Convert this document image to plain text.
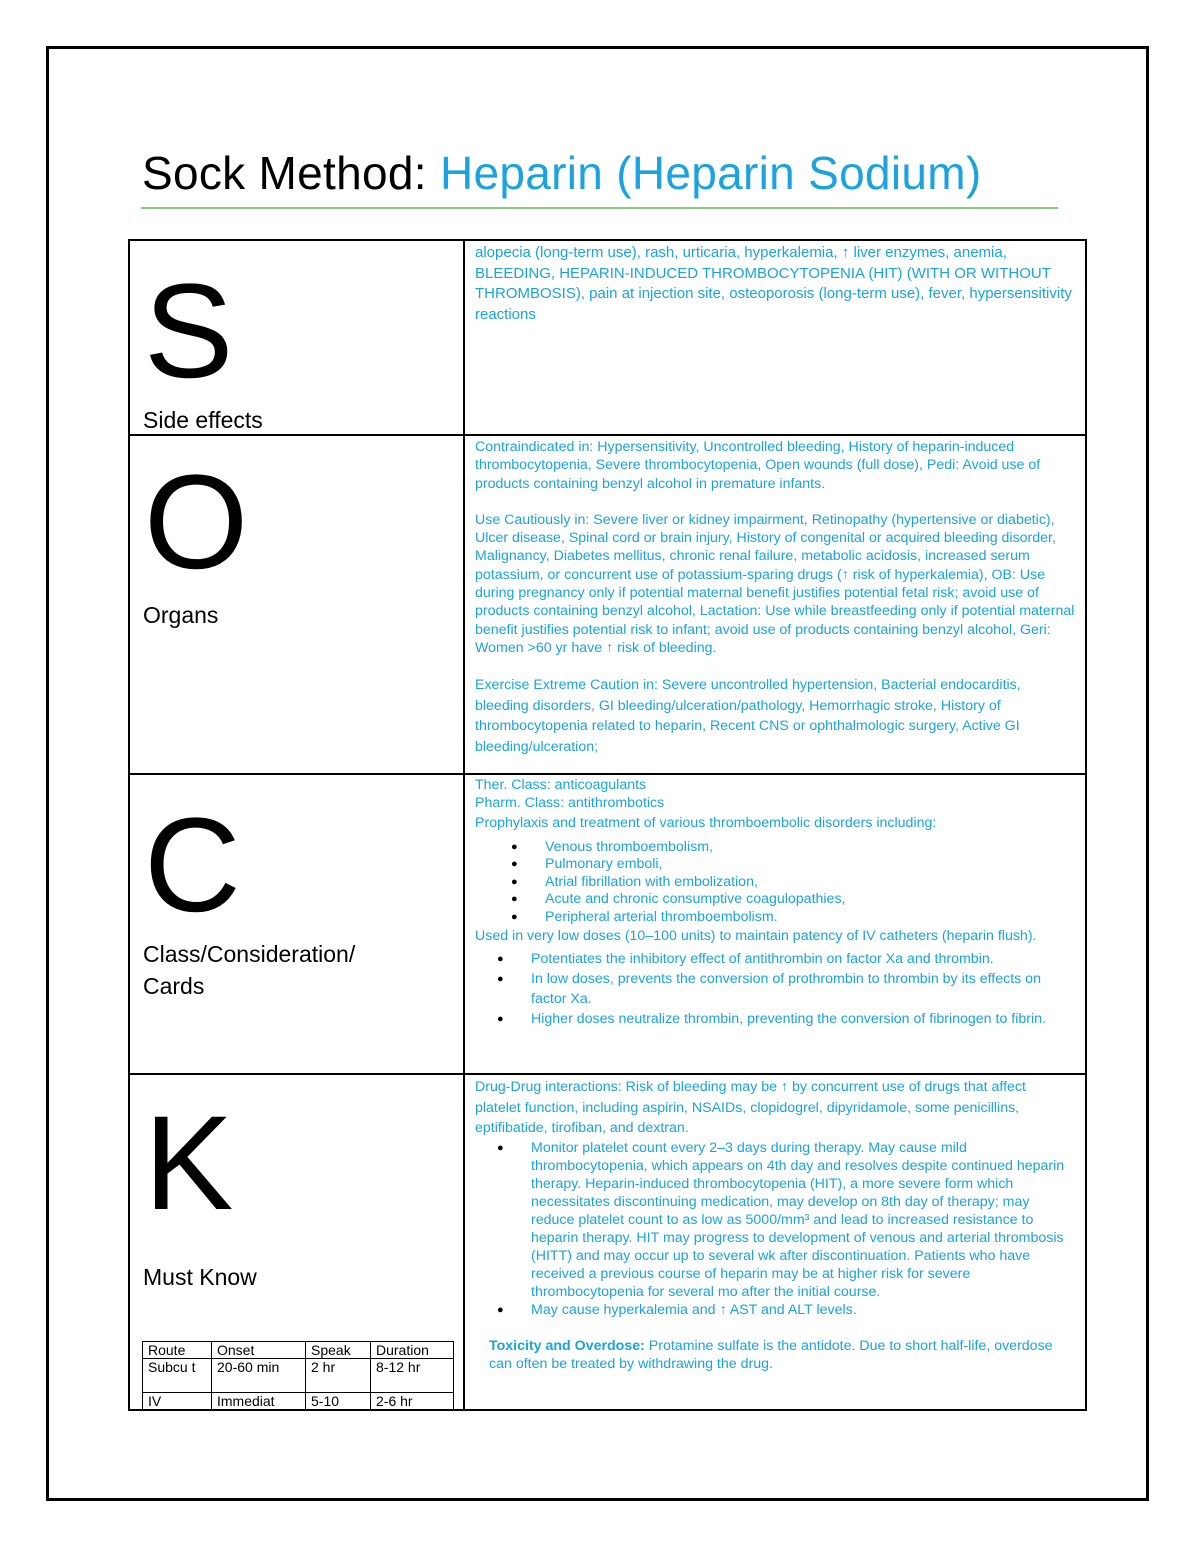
Sock Method: Heparin (Heparin Sodium)
S
Side effects

alopecia (long-term use), rash, urticaria, hyperkalemia, ↑ liver enzymes, anemia, BLEEDING, HEPARIN-INDUCED THROMBOCYTOPENIA (HIT) (WITH OR WITHOUT THROMBOSIS), pain at injection site, osteoporosis (long-term use), fever, hypersensitivity reactions

O
Organs

Contraindicated in: Hypersensitivity, Uncontrolled bleeding, History of heparin-induced thrombocytopenia, Severe thrombocytopenia, Open wounds (full dose), Pedi: Avoid use of products containing benzyl alcohol in premature infants.

Use Cautiously in: Severe liver or kidney impairment, Retinopathy (hypertensive or diabetic), Ulcer disease, Spinal cord or brain injury, History of congenital or acquired bleeding disorder, Malignancy, Diabetes mellitus, chronic renal failure, metabolic acidosis, increased serum potassium, or concurrent use of potassium-sparing drugs (↑ risk of hyperkalemia), OB: Use during pregnancy only if potential maternal benefit justifies potential fetal risk; avoid use of products containing benzyl alcohol, Lactation: Use while breastfeeding only if potential maternal benefit justifies potential risk to infant; avoid use of products containing benzyl alcohol, Geri: Women >60 yr have ↑ risk of bleeding.

Exercise Extreme Caution in: Severe uncontrolled hypertension, Bacterial endocarditis, bleeding disorders, GI bleeding/ulceration/pathology, Hemorrhagic stroke, History of thrombocytopenia related to heparin, Recent CNS or ophthalmologic surgery, Active GI bleeding/ulceration;

C
Class/Consideration/
Cards

Ther. Class: anticoagulants

Pharm. Class: antithrombotics

Prophylaxis and treatment of various thromboembolic disorders including:

● Venous thromboembolism,
● Pulmonary emboli,
● Atrial fibrillation with embolization,
● Acute and chronic consumptive coagulopathies,
● Peripheral arterial thromboembolism.

Used in very low doses (10–100 units) to maintain patency of IV catheters (heparin flush).

● Potentiates the inhibitory effect of antithrombin on factor Xa and thrombin.
● In low doses, prevents the conversion of prothrombin to thrombin by its effects on factor Xa.
● Higher doses neutralize thrombin, preventing the conversion of fibrinogen to fibrin.

K
Must Know
Route	Onset	Speak	Duration

Subcu t	20-60 min	2 hr	8-12 hr
IV	Immediat	5-10	2-6 hr

Drug-Drug interactions: Risk of bleeding may be ↑ by concurrent use of drugs that affect platelet function, including aspirin, NSAIDs, clopidogrel, dipyridamole, some penicillins, eptifibatide, tirofiban, and dextran.

● Monitor platelet count every 2–3 days during therapy. May cause mild thrombocytopenia, which appears on 4th day and resolves despite continued heparin therapy. Heparin-induced thrombocytopenia (HIT), a more severe form which necessitates discontinuing medication, may develop on 8th day of therapy; may reduce platelet count to as low as 5000/mm³ and lead to increased resistance to heparin therapy. HIT may progress to development of venous and arterial thrombosis (HITT) and may occur up to several wk after discontinuation. Patients who have received a previous course of heparin may be at higher risk for severe thrombocytopenia for several mo after the initial course.
● May cause hyperkalemia and ↑ AST and ALT levels.

Toxicity and Overdose: Protamine sulfate is the antidote. Due to short half-life, overdose can often be treated by withdrawing the drug.
